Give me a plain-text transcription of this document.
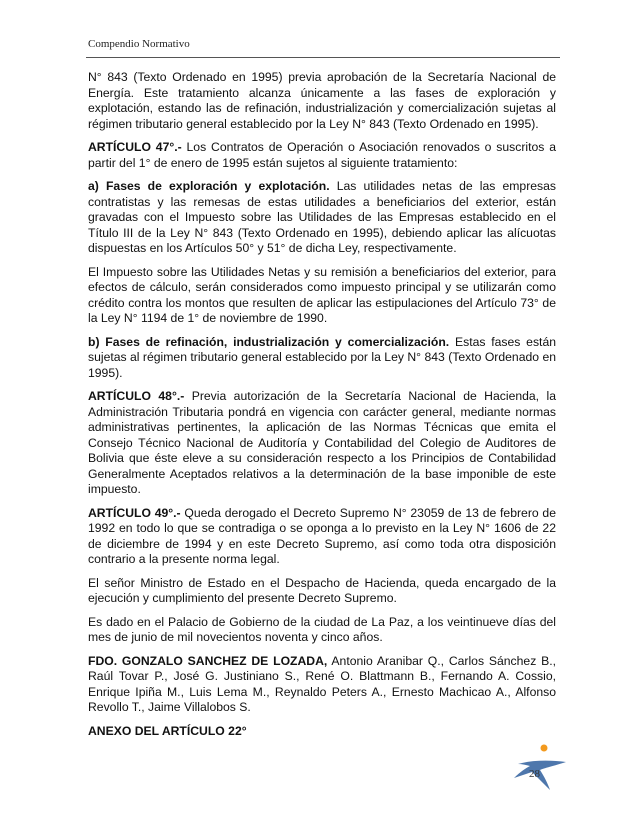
Compendio Normativo

N° 843 (Texto Ordenado en 1995) previa aprobación de la Secretaría Nacional de Energía. Este tratamiento alcanza únicamente a las fases de exploración y explotación, estando las de refinación, industrialización y comercialización sujetas al régimen tributario general establecido por la Ley N° 843 (Texto Ordenado en 1995).

ARTÍCULO 47°.- Los Contratos de Operación o Asociación renovados o suscritos a partir del 1° de enero de 1995 están sujetos al siguiente tratamiento:

a) Fases de exploración y explotación. Las utilidades netas de las empresas contratistas y las remesas de estas utilidades a beneficiarios del exterior, están gravadas con el Impuesto sobre las Utilidades de las Empresas establecido en el Título III de la Ley N° 843 (Texto Ordenado en 1995), debiendo aplicar las alícuotas dispuestas en los Artículos 50° y 51° de dicha Ley, respectivamente.

El Impuesto sobre las Utilidades Netas y su remisión a beneficiarios del exterior, para efectos de cálculo, serán considerados como impuesto principal y se utilizarán como crédito contra los montos que resulten de aplicar las estipulaciones del Artículo 73° de la Ley N° 1194 de 1° de noviembre de 1990.

b) Fases de refinación, industrialización y comercialización. Estas fases están sujetas al régimen tributario general establecido por la Ley N° 843 (Texto Ordenado en 1995).

ARTÍCULO 48°.- Previa autorización de la Secretaría Nacional de Hacienda, la Administración Tributaria pondrá en vigencia con carácter general, mediante normas administrativas pertinentes, la aplicación de las Normas Técnicas que emita el Consejo Técnico Nacional de Auditoría y Contabilidad del Colegio de Auditores de Bolivia que éste eleve a su consideración respecto a los Principios de Contabilidad Generalmente Aceptados relativos a la determinación de la base imponible de este impuesto.

ARTÍCULO 49°.- Queda derogado el Decreto Supremo N° 23059 de 13 de febrero de 1992 en todo lo que se contradiga o se oponga a lo previsto en la Ley N° 1606 de 22 de diciembre de 1994 y en este Decreto Supremo, así como toda otra disposición contrario a la presente norma legal.

El señor Ministro de Estado en el Despacho de Hacienda, queda encargado de la ejecución y cumplimiento del presente Decreto Supremo.

Es dado en el Palacio de Gobierno de la ciudad de La Paz, a los veintinueve días del mes de junio de mil novecientos noventa y cinco años.

FDO. GONZALO SANCHEZ DE LOZADA, Antonio Aranibar Q., Carlos Sánchez B., Raúl Tovar P., José G. Justiniano S., René O. Blattmann B., Fernando A. Cossio, Enrique Ipiña M., Luis Lema M., Reynaldo Peters A., Ernesto Machicao A., Alfonso Revollo T., Jaime Villalobos S.

ANEXO DEL ARTÍCULO 22°

28
